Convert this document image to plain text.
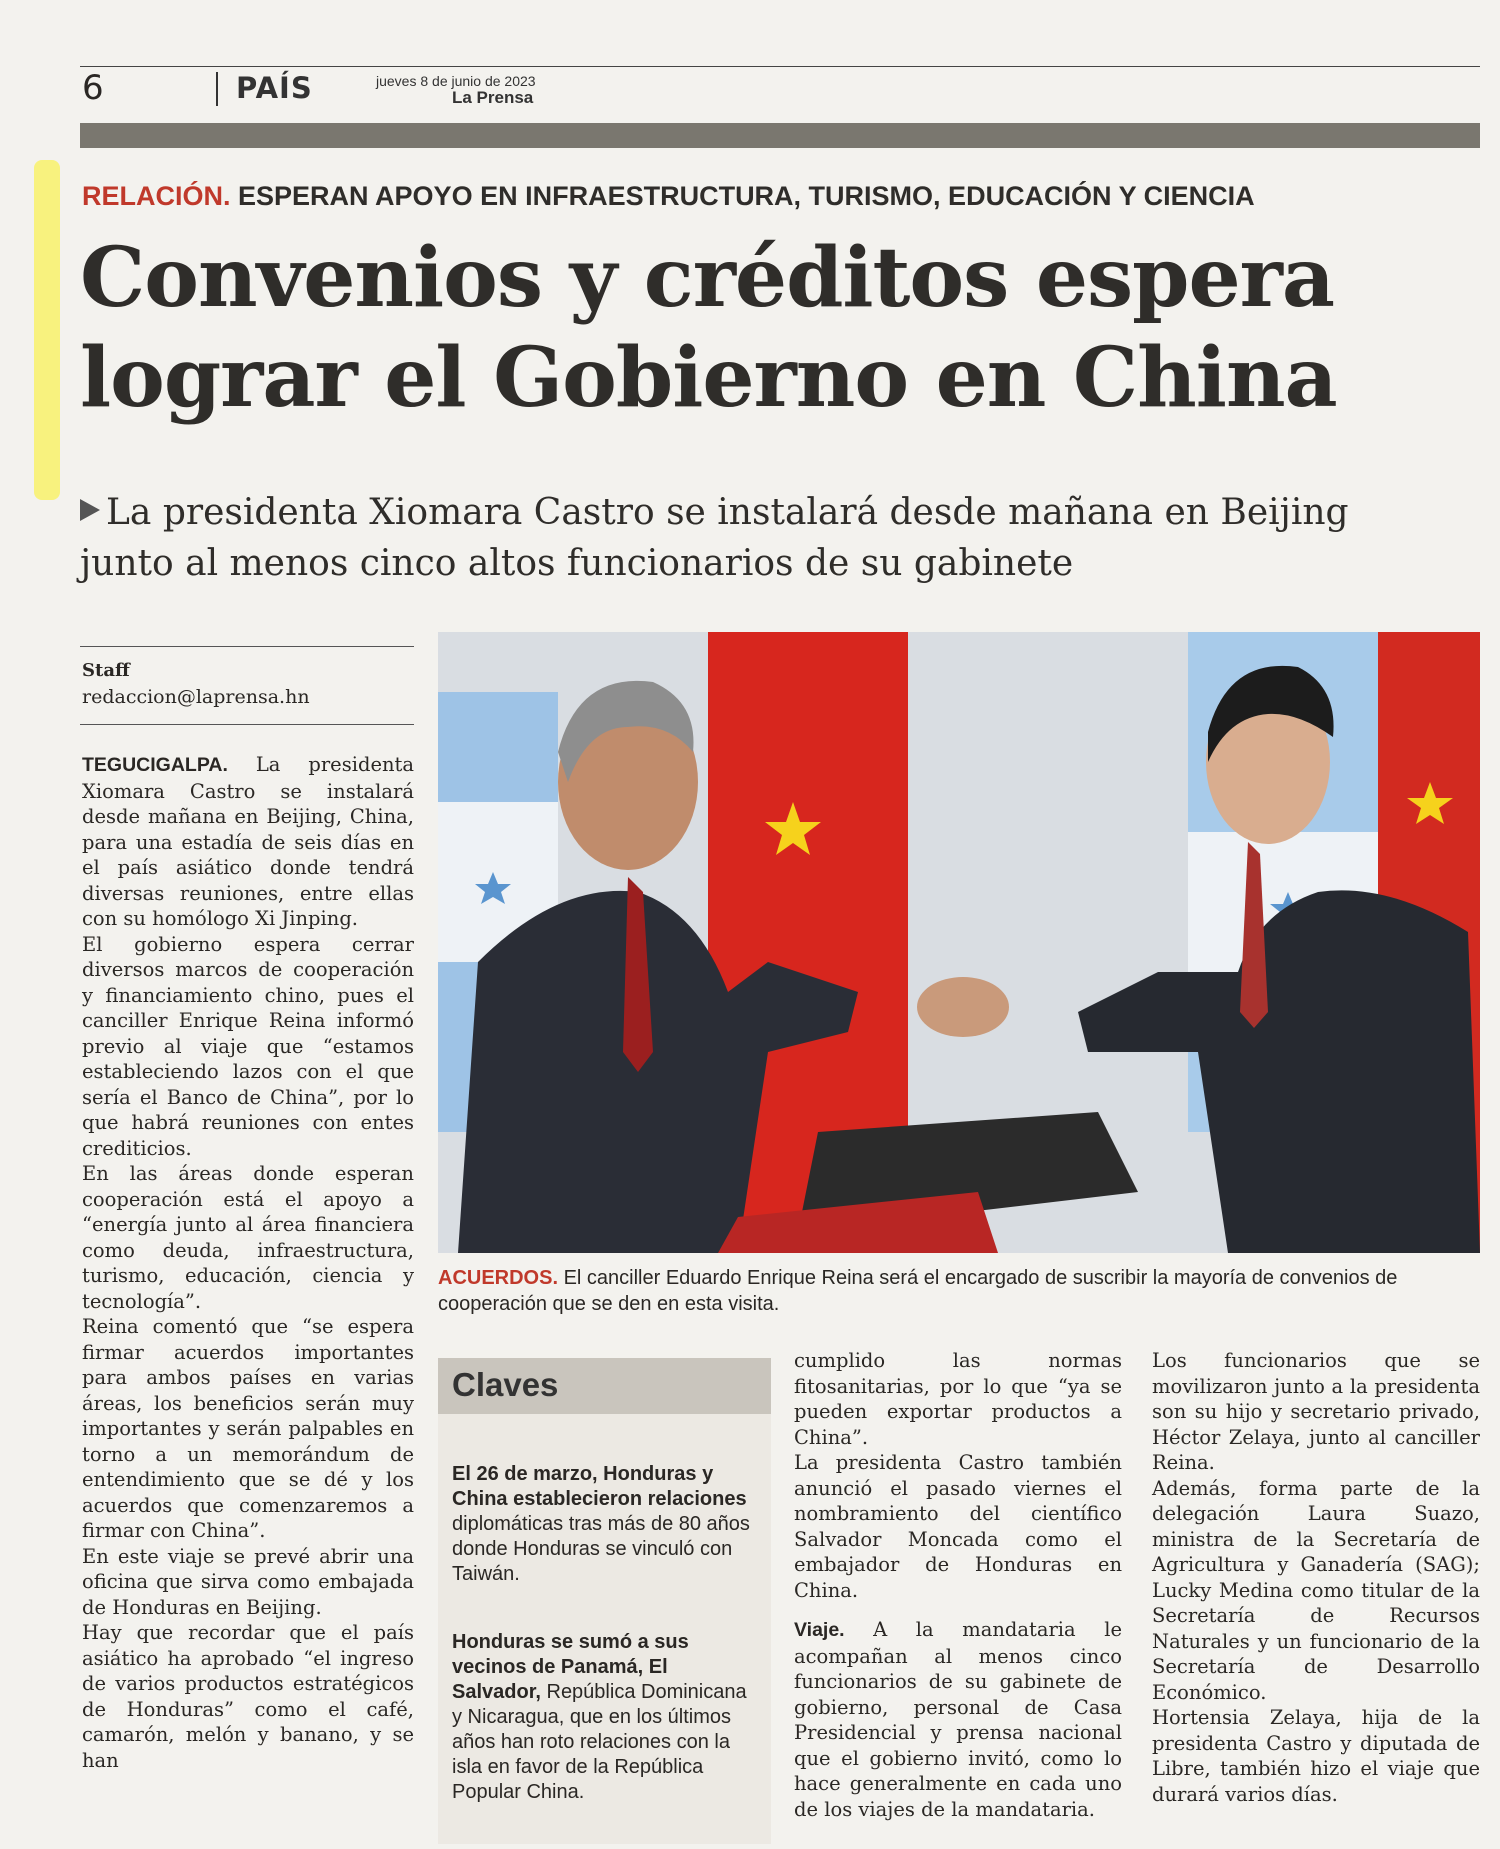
6	PAÍS	jueves 8 de junio de 2023
La Prensa
RELACIÓN. ESPERAN APOYO EN INFRAESTRUCTURA, TURISMO, EDUCACIÓN Y CIENCIA
Convenios y créditos espera
lograr el Gobierno en China
La presidenta Xiomara Castro se instalará desde mañana en Beijing
junto al menos cinco altos funcionarios de su gabinete
Staff
redaccion@laprensa.hn

TEGUCIGALPA. La presidenta Xiomara Castro se instalará desde mañana en Beijing, China, para una estadía de seis días en el país asiático donde tendrá diversas reuniones, entre ellas con su homólogo Xi Jinping.

El gobierno espera cerrar diversos marcos de cooperación y financiamiento chino, pues el canciller Enrique Reina informó previo al viaje que “estamos estableciendo lazos con el que sería el Banco de China”, por lo que habrá reuniones con entes crediticios.

En las áreas donde esperan cooperación está el apoyo a “energía junto al área financiera como deuda, infraestructura, turismo, educación, ciencia y tecnología”.

Reina comentó que “se espera firmar acuerdos importantes para ambos países en varias áreas, los beneficios serán muy importantes y serán palpables en torno a un memorándum de entendimiento que se dé y los acuerdos que comenzaremos a firmar con China”.

En este viaje se prevé abrir una oficina que sirva como embajada de Honduras en Beijing.

Hay que recordar que el país asiático ha aprobado “el ingreso de varios productos estratégicos de Honduras” como el café, camarón, melón y banano, y se han

ACUERDOS. El canciller Eduardo Enrique Reina será el encargado de suscribir la mayoría de convenios de cooperación que se den en esta visita.
Claves
El 26 de marzo, Honduras y China establecieron relaciones diplomáticas tras más de 80 años donde Honduras se vinculó con Taiwán.
Honduras se sumó a sus vecinos de Panamá, El Salvador, República Dominicana y Nicaragua, que en los últimos años han roto relaciones con la isla en favor de la República Popular China.

cumplido las normas fitosanitarias, por lo que “ya se pueden exportar productos a China”.

La presidenta Castro también anunció el pasado viernes el nombramiento del científico Salvador Moncada como el embajador de Honduras en China.

Viaje. A la mandataria le acompañan al menos cinco funcionarios de su gabinete de gobierno, personal de Casa Presidencial y prensa nacional que el gobierno invitó, como lo hace generalmente en cada uno de los viajes de la mandataria.

Los funcionarios que se movilizaron junto a la presidenta son su hijo y secretario privado, Héctor Zelaya, junto al canciller Reina.

Además, forma parte de la delegación Laura Suazo, ministra de la Secretaría de Agricultura y Ganadería (SAG); Lucky Medina como titular de la Secretaría de Recursos Naturales y un funcionario de la Secretaría de Desarrollo Económico.

Hortensia Zelaya, hija de la presidenta Castro y diputada de Libre, también hizo el viaje que durará varios días.
